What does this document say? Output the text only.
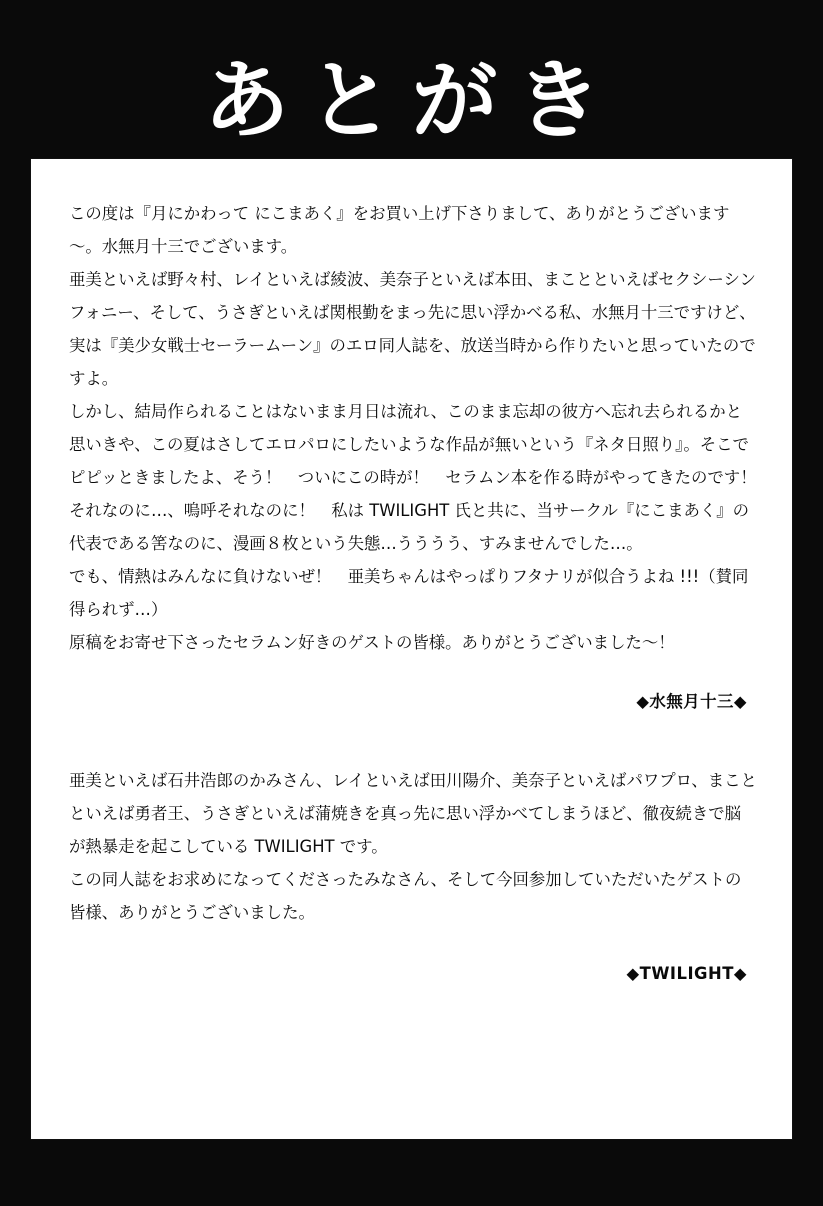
あとがき

この度は『月にかわって にこまあく』をお買い上げ下さりまして、ありがとうございます～。水無月十三でございます。

亜美といえば野々村、レイといえば綾波、美奈子といえば本田、まことといえばセクシーシンフォニー、そして、うさぎといえば関根勤をまっ先に思い浮かべる私、水無月十三ですけど、実は『美少女戦士セーラームーン』のエロ同人誌を、放送当時から作りたいと思っていたのですよ。

しかし、結局作られることはないまま月日は流れ、このまま忘却の彼方へ忘れ去られるかと思いきや、この夏はさしてエロパロにしたいような作品が無いという『ネタ日照り』。そこでピピッときましたよ、そう！　ついにこの時が！　セラムン本を作る時がやってきたのです！

それなのに…、嗚呼それなのに！　私は TWILIGHT 氏と共に、当サークル『にこまあく』の代表である筈なのに、漫画８枚という失態…うううう、すみませんでした…。

でも、情熱はみんなに負けないぜ！　亜美ちゃんはやっぱりフタナリが似合うよね !!!（賛同得られず…）

原稿をお寄せ下さったセラムン好きのゲストの皆様。ありがとうございました～！

◆水無月十三◆

亜美といえば石井浩郎のかみさん、レイといえば田川陽介、美奈子といえばパワプロ、まことといえば勇者王、うさぎといえば蒲焼きを真っ先に思い浮かべてしまうほど、徹夜続きで脳が熱暴走を起こしている TWILIGHT です。

この同人誌をお求めになってくださったみなさん、そして今回参加していただいたゲストの皆様、ありがとうございました。

◆TWILIGHT◆
